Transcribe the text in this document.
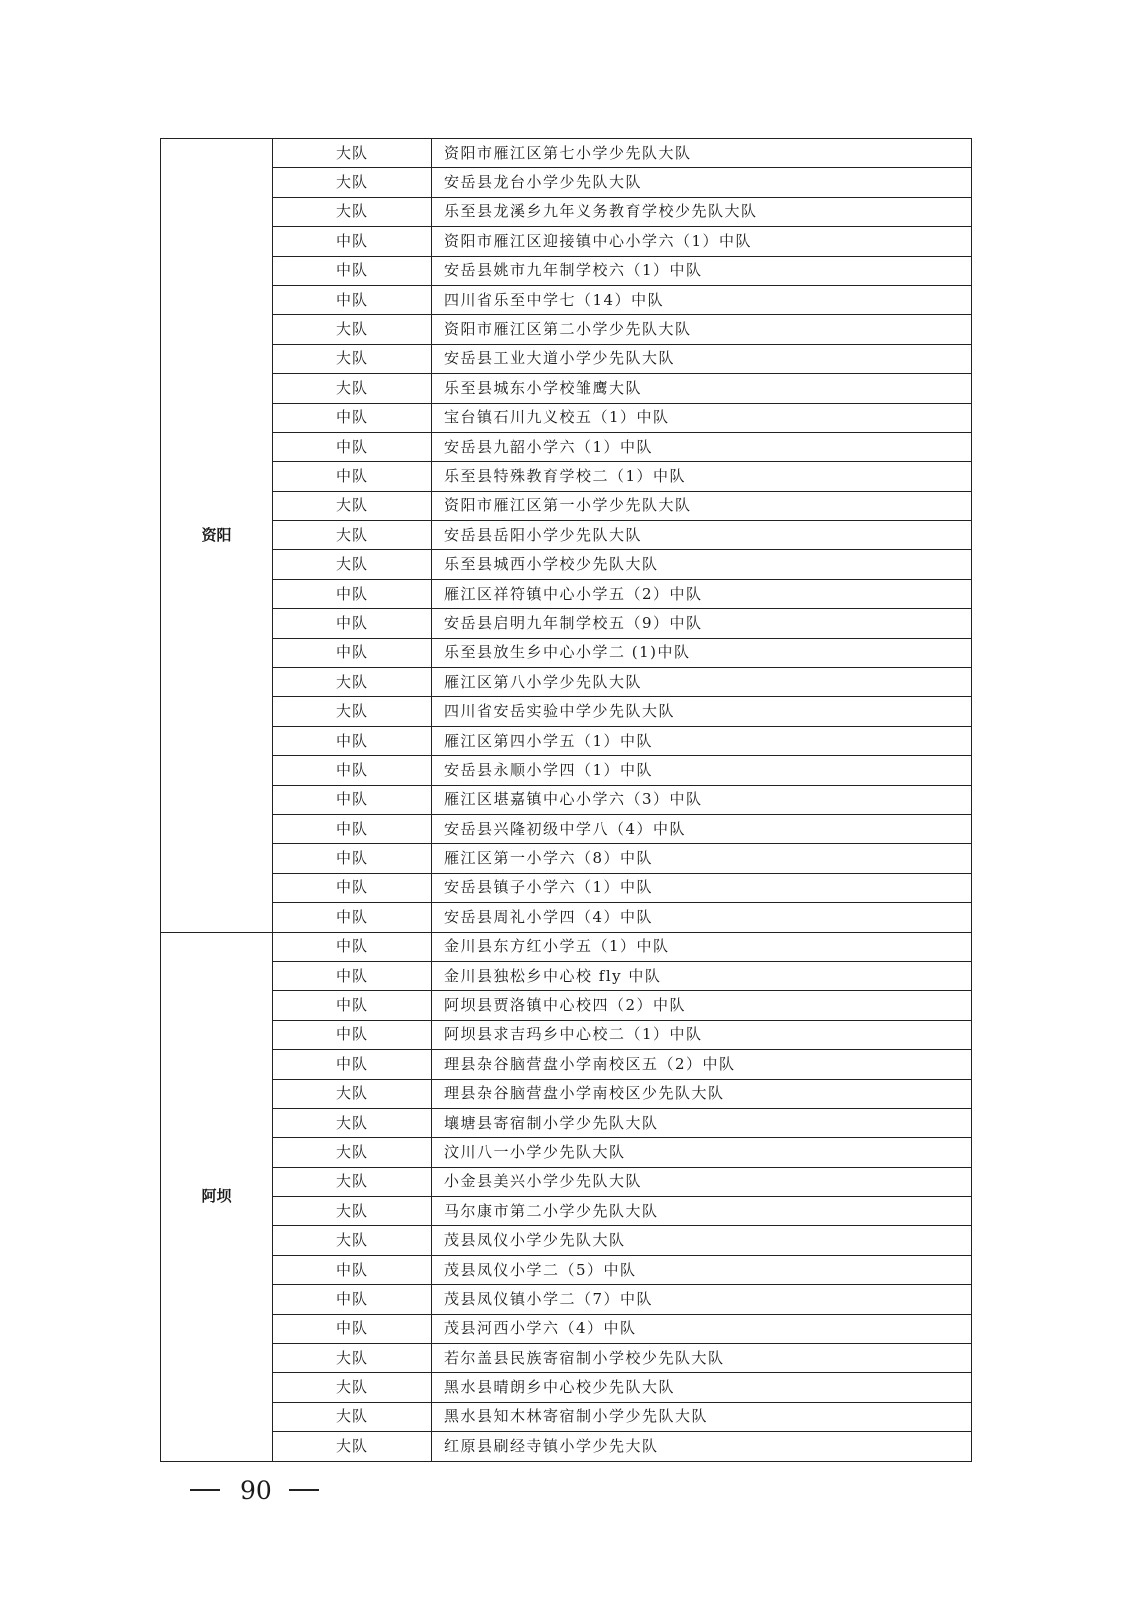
资阳	大队	资阳市雁江区第七小学少先队大队
	大队	安岳县龙台小学少先队大队
	大队	乐至县龙溪乡九年义务教育学校少先队大队
	中队	资阳市雁江区迎接镇中心小学六（1）中队
	中队	安岳县姚市九年制学校六（1）中队
	中队	四川省乐至中学七（14）中队
	大队	资阳市雁江区第二小学少先队大队
	大队	安岳县工业大道小学少先队大队
	大队	乐至县城东小学校雏鹰大队
	中队	宝台镇石川九义校五（1）中队
	中队	安岳县九韶小学六（1）中队
	中队	乐至县特殊教育学校二（1）中队
	大队	资阳市雁江区第一小学少先队大队
	大队	安岳县岳阳小学少先队大队
	大队	乐至县城西小学校少先队大队
	中队	雁江区祥符镇中心小学五（2）中队
	中队	安岳县启明九年制学校五（9）中队
	中队	乐至县放生乡中心小学二 (1)中队
	大队	雁江区第八小学少先队大队
	大队	四川省安岳实验中学少先队大队
	中队	雁江区第四小学五（1）中队
	中队	安岳县永顺小学四（1）中队
	中队	雁江区堪嘉镇中心小学六（3）中队
	中队	安岳县兴隆初级中学八（4）中队
	中队	雁江区第一小学六（8）中队
	中队	安岳县镇子小学六（1）中队
	中队	安岳县周礼小学四（4）中队
阿坝	中队	金川县东方红小学五（1）中队
	中队	金川县独松乡中心校 fly 中队
	中队	阿坝县贾洛镇中心校四（2）中队
	中队	阿坝县求吉玛乡中心校二（1）中队
	中队	理县杂谷脑营盘小学南校区五（2）中队
	大队	理县杂谷脑营盘小学南校区少先队大队
	大队	壤塘县寄宿制小学少先队大队
	大队	汶川八一小学少先队大队
	大队	小金县美兴小学少先队大队
	大队	马尔康市第二小学少先队大队
	大队	茂县凤仪小学少先队大队
	中队	茂县凤仪小学二（5）中队
	中队	茂县凤仪镇小学二（7）中队
	中队	茂县河西小学六（4）中队
	大队	若尔盖县民族寄宿制小学校少先队大队
	大队	黑水县晴朗乡中心校少先队大队
	大队	黑水县知木林寄宿制小学少先队大队
	大队	红原县刷经寺镇小学少先大队
90
